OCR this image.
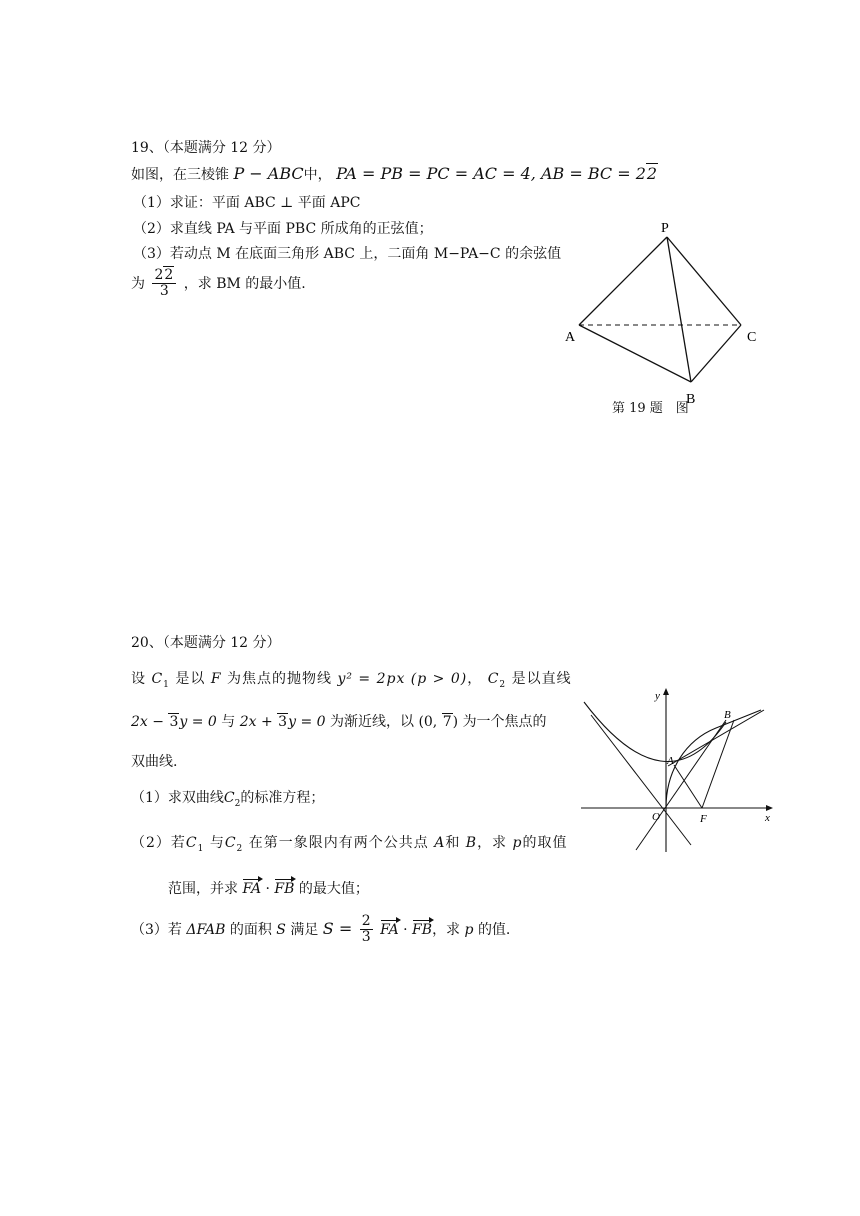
19、（本题满分 12 分）
如图，在三棱锥 P − ABC中， PA = PB = PC = AC = 4, AB = BC = 22
（1）求证：平面 ABC ⊥ 平面 APC
（2）求直线 PA 与平面 PBC 所成角的正弦值；
（3）若动点 M 在底面三角形 ABC 上，二面角 M−PA−C 的余弦值
为 $\frac{22}{3}$ ，求 BM 的最小值.
P
A	C
B
第 19 题　图
20、（本题满分 12 分）
设 $C_1$ 是以 F 为焦点的抛物线 y² = 2px (p > 0)， $C_2$ 是以直线
2x − 3y = 0 与 2x + 3y = 0 为渐近线，以 (0, 7) 为一个焦点的
双曲线.
（1）求双曲线$C_2$的标准方程；
（2）若$C_1$ 与$C_2$ 在第一象限内有两个公共点 A和 B，求 p的取值
范围，并求 FA · FB 的最大值；
（3）若 ΔFAB 的面积 S 满足 $S = \frac{2}{3}$ FA · FB，求 p 的值.
y
x
O	F
A
B
